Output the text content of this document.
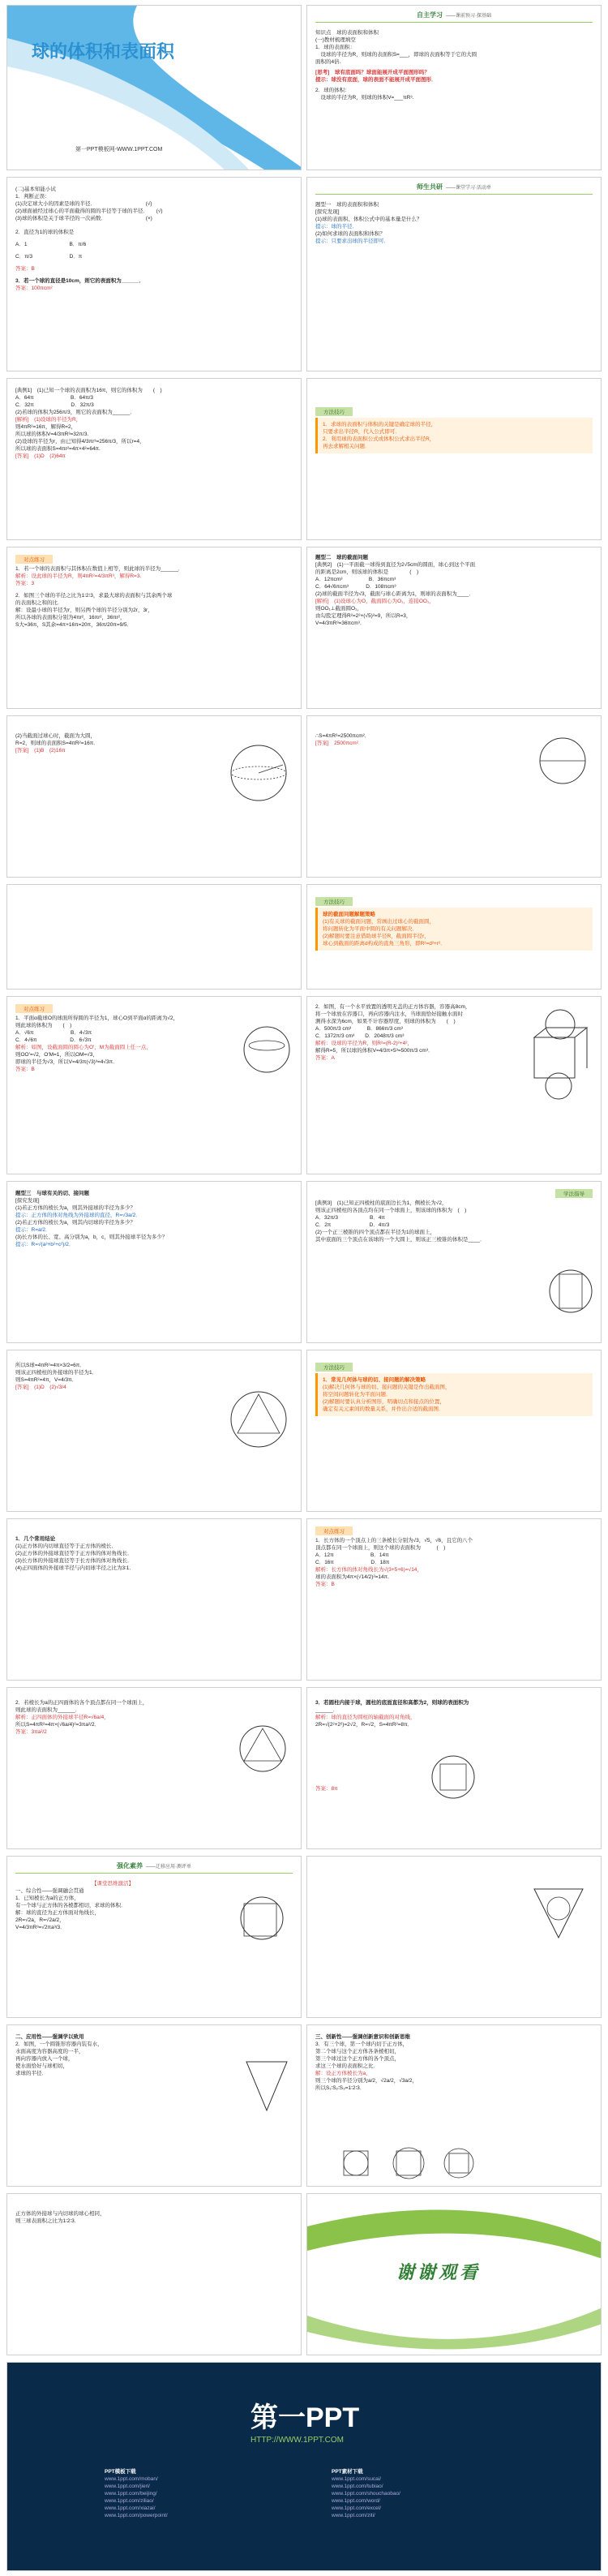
球的体积和表面积
第一PPT模板网-WWW.1PPT.COM
自主学习 ——课前预习·探基础

知识点　球的表面积和体积

(一)教材梳理填空

1．球的表面积：

　设球的半径为R，则球的表面积S=___，即球的表面积等于它的大圆

面积的4倍.

[思考]　球有底面吗？球面能展开成平面图形吗？

提示：球没有底面，球的表面不能展开成平面图形．

2．球的体积：

　设球的半径为R，则球的体积V=___πR³.

(二)基本知能小试

1．判断正误：

(1)决定球大小的因素是球的半径．　　　　　　　　　　(√)

(2)球面被经过球心的平面截得的圆的半径等于球的半径．　　(√)

(3)球的体积是关于球半径的一次函数．　　　　　　　　(×)

2．直径为1的球的体积是

A．1　　　　　　　　B．π/6

C．π/3　　　　　　　D．π

答案：B

3．若一个球的直径是10cm，则它的表面积为______．

答案：100πcm²

师生共研 ——课堂学习·活动单

题型一　球的表面积和体积

[探究发现]

(1)球的表面积、体积公式中的基本量是什么？

提示：球的半径．

(2)如何求球的表面积和体积？

提示：只要求出球的半径即可．

[典例1]　(1)已知一个球的表面积为16π，则它的体积为　　(　)

A．64π　　　　　　　B．64π/3

C．32π　　　　　　　D．32π/3

(2)若球的体积为256π/3，则它的表面积为______．

[解析]　(1)设球的半径为R，

则4πR²=16π，解得R=2，

所以球的体积V=4/3πR³=32π/3.

(2)设球的半径为r，由已知得4/3πr³=256π/3，所以r=4，

所以球的表面积S=4πr²=4π×4²=64π.

[答案]　(1)D　(2)64π

方法技巧

1．求球的表面积与体积的关键是确定球的半径，

只要求出半径R，代入公式即可．

2．利用球的表面积公式或体积公式求出半径R，

再去求解相关问题．

对点练习

1．若一个球的表面积与其体积在数值上相等，则此球的半径为______．

解析：设此球的半径为R，则4πR²=4/3πR³，解得R=3．

答案：3

2．如图三个球的半径之比为1∶2∶3，求最大球的表面积与其余两个球

的表面积之和的比．

解：设最小球的半径为r，则另两个球的半径分别为2r，3r，

所以各球的表面积分别为4πr²，16πr²，36πr²，

S大=36π，S其余=4π+16π=20π，36π/20π=9/5．

题型二　球的截面问题

[典例2]　(1)一平面截一球得到直径为2√5cm的圆面，球心到这个平面

的距离是2cm，则该球的体积是　　　　(　)

A．12πcm³　　　　　B．36πcm³

C．64√6πcm³　　　 D．108πcm³

(2)球的截面半径为√3，截面与球心距离为1，则球的表面积为____．

[解析]　(1)设球心为O，截面圆心为O₁，连接OO₁，

则OO₁⊥截面圆O₁，

由勾股定理得R²=2²+(√5)²=9，所以R=3，

V=4/3πR³=36πcm³．

(2)当截面过球心时，截面为大圆，

R=2，则球的表面积S=4πR²=16π．

[答案]　(1)B　(2)16π

∴S=4πR²=2500πcm²．

[答案]　2500πcm²

方法技巧

球的截面问题解题策略

(1)有关球的截面问题，常画出过球心的截面圆，

将问题转化为平面中圆的有关问题解决．

(2)解题时要注意借助球半径R，截面圆半径r，

球心到截面的距离d构成的直角三角形，即R²=d²+r²．

对点练习

1．平面α截球O的球面所得圆的半径为1，球心O到平面α的距离为√2，

则此球的体积为　　(　)

A．√6π　　　　　　　B．4√3π

C．4√6π　　　　　　 D．6√3π

解析：如图，设截面圆的圆心为O′，M为截面圆上任一点，

则OO′=√2，O′M=1，所以OM=√3，

即球的半径为√3，所以V=4/3π(√3)³=4√3π．

答案：B

2．如图，有一个水平放置的透明无盖的正方体容器，容器高8cm，

将一个球放在容器口，再向容器内注水，当球面恰好接触水面时

测得水深为6cm，如果不计容器厚度，则球的体积为　　(　)

A．500π/3 cm³　　　B．866π/3 cm³

C．1372π/3 cm³　　D．2048π/3 cm³

解析：设球的半径为R，则R²=(R-2)²+4²，

解得R=5，所以球的体积V=4/3π×5³=500π/3 cm³．

答案：A

题型三　与球有关的切、接问题

[探究发现]

(1)若正方体的棱长为a，则其外接球的半径为多少？

提示：正方体的体对角线为外接球的直径，R=√3a/2．

(2)若正方体的棱长为a，则其内切球的半径为多少？

提示：R=a/2．

(3)长方体的长、宽、高分别为a，b，c，则其外接球半径为多少？

提示：R=√(a²+b²+c²)/2．

学法指导

[典例3]　(1)已知正四棱柱的底面边长为1，侧棱长为√2，

则该正四棱柱的各顶点均在同一个球面上，则该球的体积为　(　)

A．32π/3　　　　　　B．4π

C．2π　　　　　　　 D．4π/3

(2)一个正三棱锥的四个顶点都在半径为1的球面上，

其中底面的三个顶点在该球的一个大圆上，则该正三棱锥的体积是____．

所以S球=4πR²=4π×3/2=6π．

则该正四棱柱的外接球的半径为1．

则S=4πR²=4π，V=4/3π．

[答案]　(1)D　(2)√3/4

方法技巧

1．常见几何体与球的切、接问题的解决策略

(1)解决几何体与球的切、接问题的关键是作出截面图，

将空间问题转化为平面问题．

(2)解题时要认真分析图形，明确切点和接点的位置，

确定有关元素间的数量关系，并作出合适的截面图．

1．几个常用结论

(1)正方体的内切球直径等于正方体的棱长．

(2)正方体的外接球直径等于正方体的体对角线长．

(3)长方体的外接球直径等于长方体的体对角线长．

(4)正四面体的外接球半径与内切球半径之比为3∶1．

对点练习

1．长方体的一个顶点上的三条棱长分别为√3，√5，√6，且它的八个

顶点都在同一个球面上，则这个球的表面积为　　　(　)

A．12π　　　　　　　B．14π

C．16π　　　　　　　D．18π

解析：长方体的体对角线长为√(3+5+6)=√14，

球的表面积为4π×(√14/2)²=14π．

答案：B

2．若棱长为a的正四面体的各个顶点都在同一个球面上，

则此球的表面积为______．

解析：正四面体的外接球半径R=√6a/4，

所以S=4πR²=4π×(√6a/4)²=3πa²/2．

答案：3πa²/2

3．若圆柱内接于球，圆柱的底面直径和高都为2，则球的表面积为

______．

解析：球的直径为圆柱的轴截面的对角线，

2R=√(2²+2²)=2√2，R=√2，S=4πR²=8π．

答案：8π

强化素养 ——迁移应用·测评单

【课堂思维激活】

一、综合性——强调融会贯通

1．已知棱长为a的正方体，

有一个球与正方体的各棱都相切，求球的体积．

解：球的直径为正方体面对角线长，

2R=√2a，R=√2a/2，

V=4/3πR³=√2πa³/3．

二、应用性——强调学以致用

2．如图，一个圆锥形容器内装有水，

水面高度为容器高度的一半，

再向容器内放入一个球，

使水面恰好与球相切，

求球的半径．

三、创新性——强调创新意识和创新思维

3．有三个球，第一个球内切于正方体，

第二个球与这个正方体各条棱相切，

第三个球过这个正方体的各个顶点，

求这三个球的表面积之比．

解：设正方体棱长为a，

则三个球的半径分别为a/2，√2a/2，√3a/2，

所以S₁∶S₂∶S₃=1∶2∶3．

正方体的外接球与内切球的球心相同，

则三球表面积之比为1∶2∶3．

谢谢观看
第一PPT
HTTP://WWW.1PPT.COM

PPT模板下载

www.1ppt.com/moban/

www.1ppt.com/jieri/

www.1ppt.com/beijing/

www.1ppt.com/ziliao/

www.1ppt.com/xiazai/

www.1ppt.com/powerpoint/

PPT素材下载

www.1ppt.com/sucai/

www.1ppt.com/tubiao/

www.1ppt.com/shouchaobao/

www.1ppt.com/word/

www.1ppt.com/excel/

www.1ppt.com/ziti/
